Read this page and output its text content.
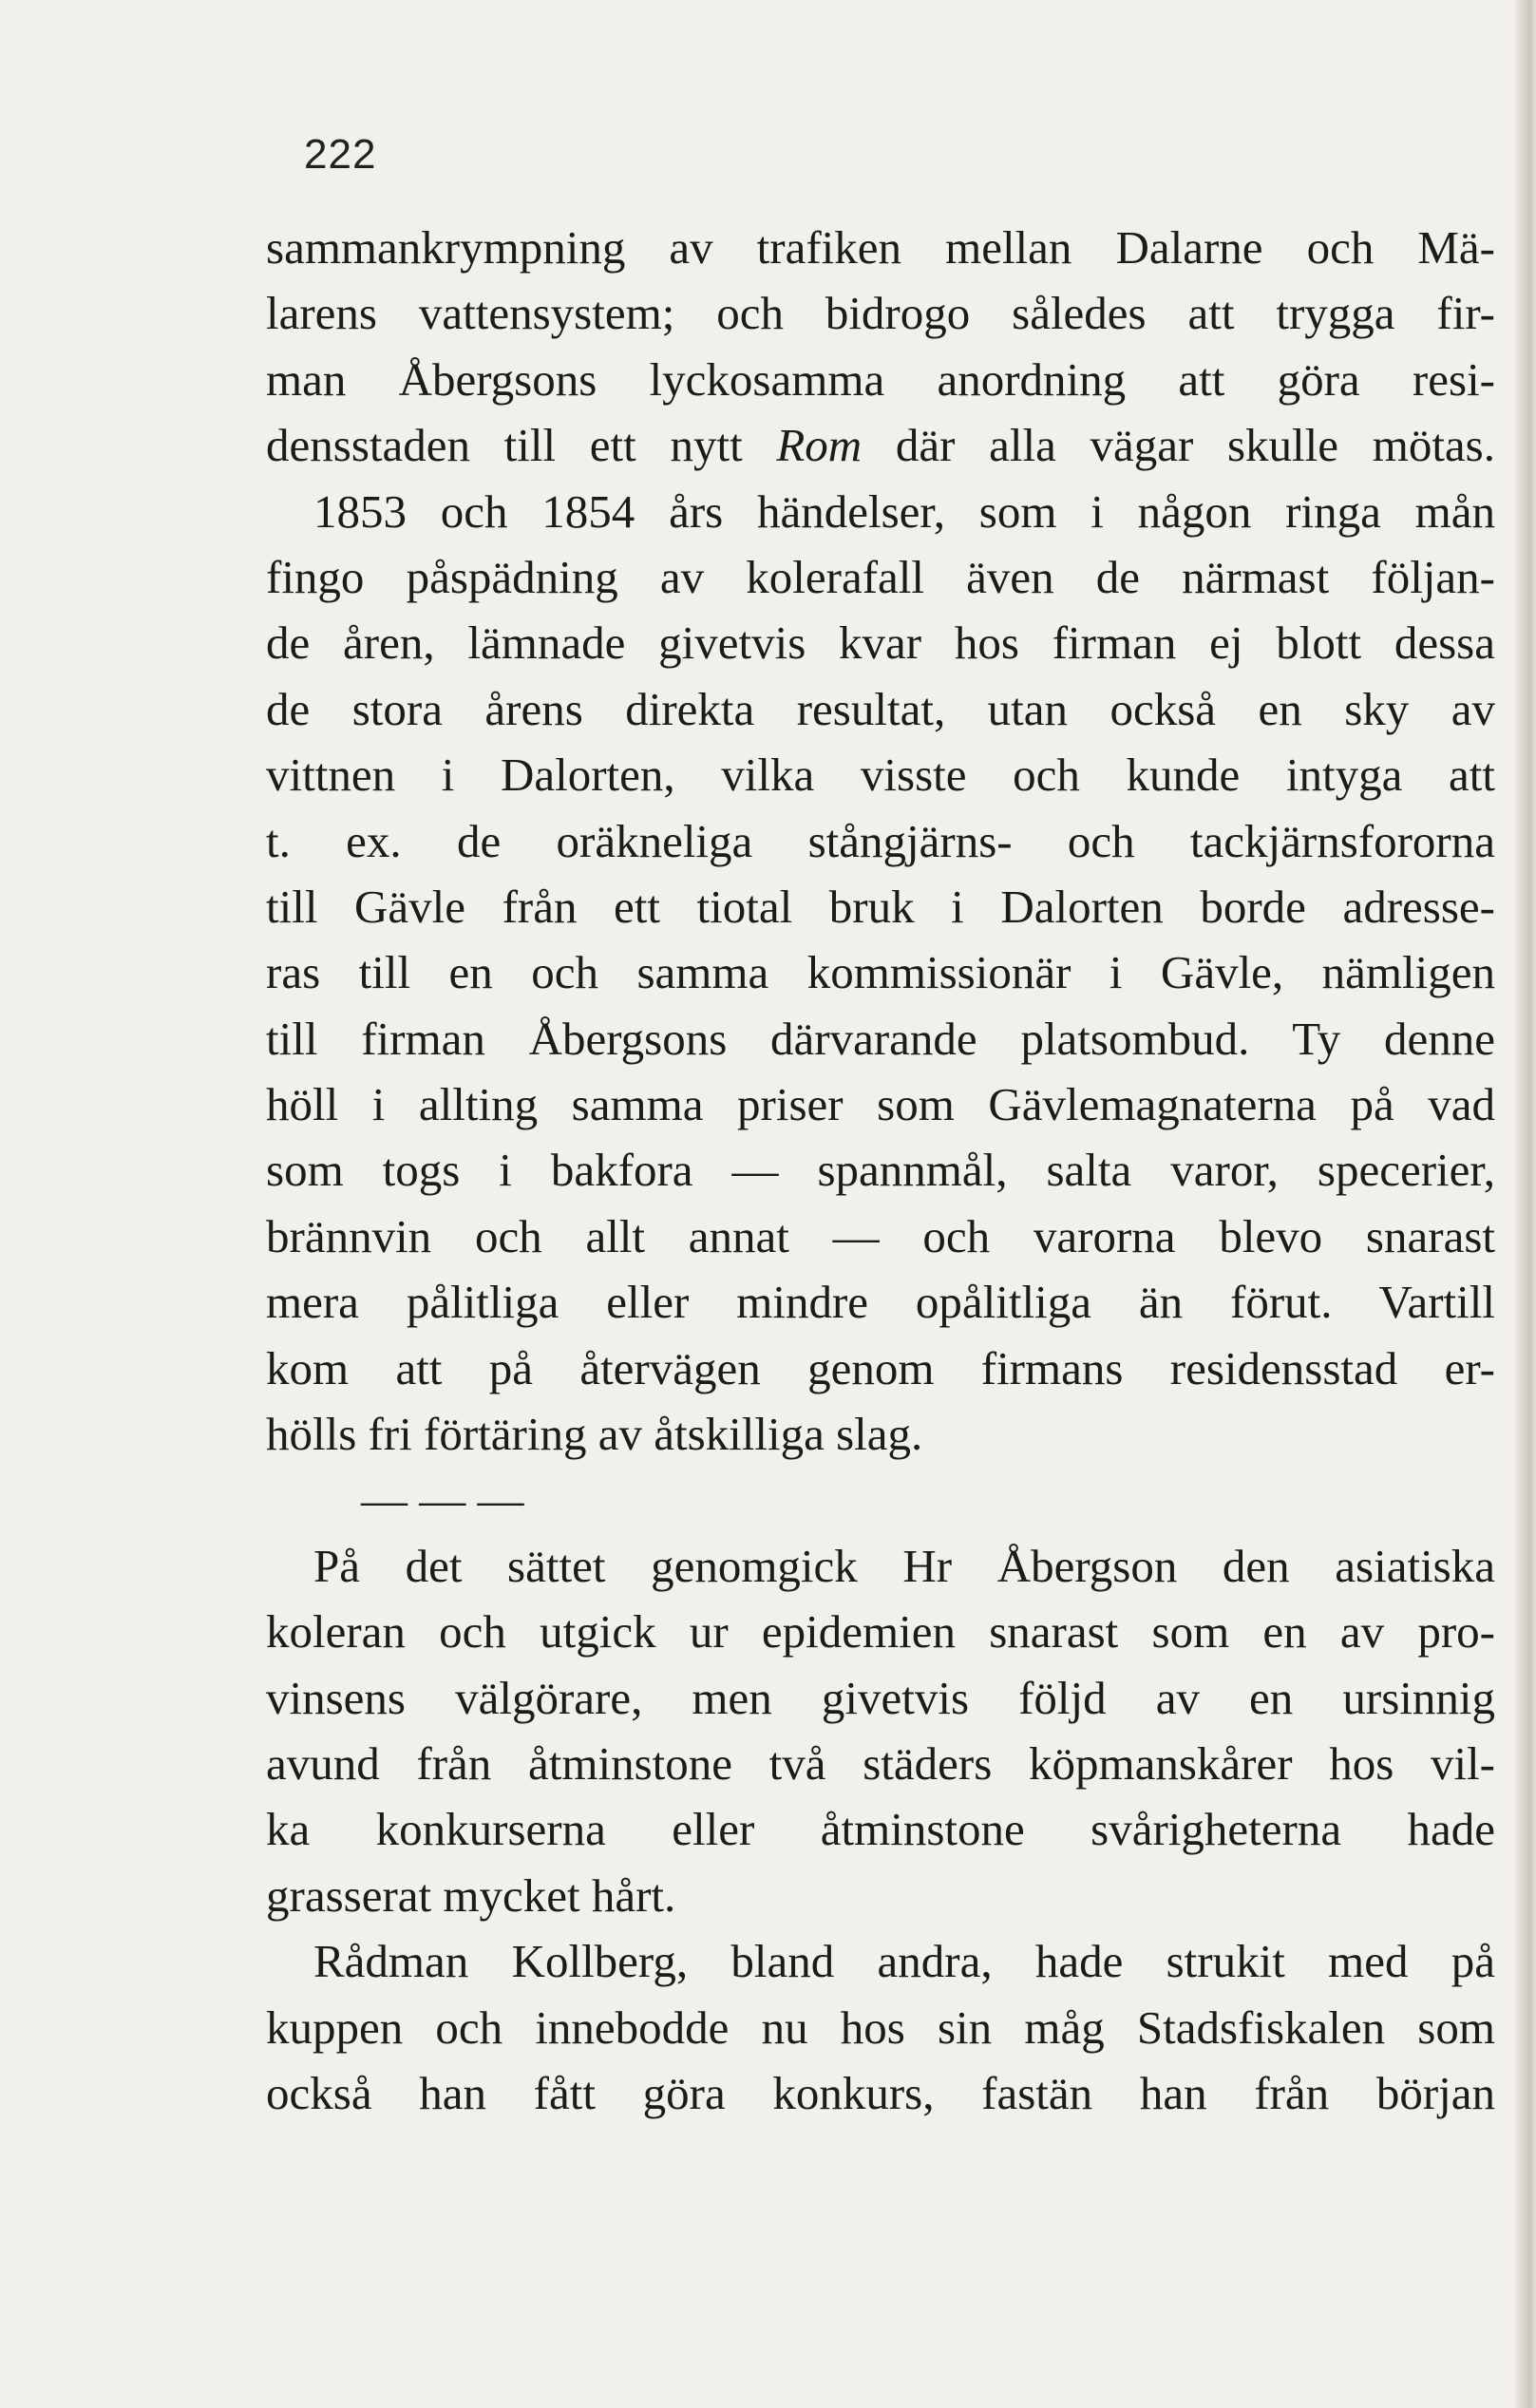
222
sammankrympning av trafiken mellan Dalarne och Mä-
larens vattensystem; och bidrogo således att trygga fir-
man Åbergsons lyckosamma anordning att göra resi-
densstaden till ett nytt Rom där alla vägar skulle mötas.
1853 och 1854 års händelser, som i någon ringa mån
fingo påspädning av kolerafall även de närmast följan-
de åren, lämnade givetvis kvar hos firman ej blott dessa
de stora årens direkta resultat, utan också en sky av
vittnen i Dalorten, vilka visste och kunde intyga att
t. ex. de oräkneliga stångjärns- och tackjärnsfororna
till Gävle från ett tiotal bruk i Dalorten borde adresse-
ras till en och samma kommissionär i Gävle, nämligen
till firman Åbergsons därvarande platsombud. Ty denne
höll i allting samma priser som Gävlemagnaterna på vad
som togs i bakfora — spannmål, salta varor, specerier,
brännvin och allt annat — och varorna blevo snarast
mera pålitliga eller mindre opålitliga än förut. Vartill
kom att på återvägen genom firmans residensstad er-
hölls fri förtäring av åtskilliga slag.
— — —
På det sättet genomgick Hr Åbergson den asiatiska
koleran och utgick ur epidemien snarast som en av pro-
vinsens välgörare, men givetvis följd av en ursinnig
avund från åtminstone två städers köpmanskårer hos vil-
ka konkurserna eller åtminstone svårigheterna hade
grasserat mycket hårt.
Rådman Kollberg, bland andra, hade strukit med på
kuppen och innebodde nu hos sin måg Stadsfiskalen som
också han fått göra konkurs, fastän han från början
